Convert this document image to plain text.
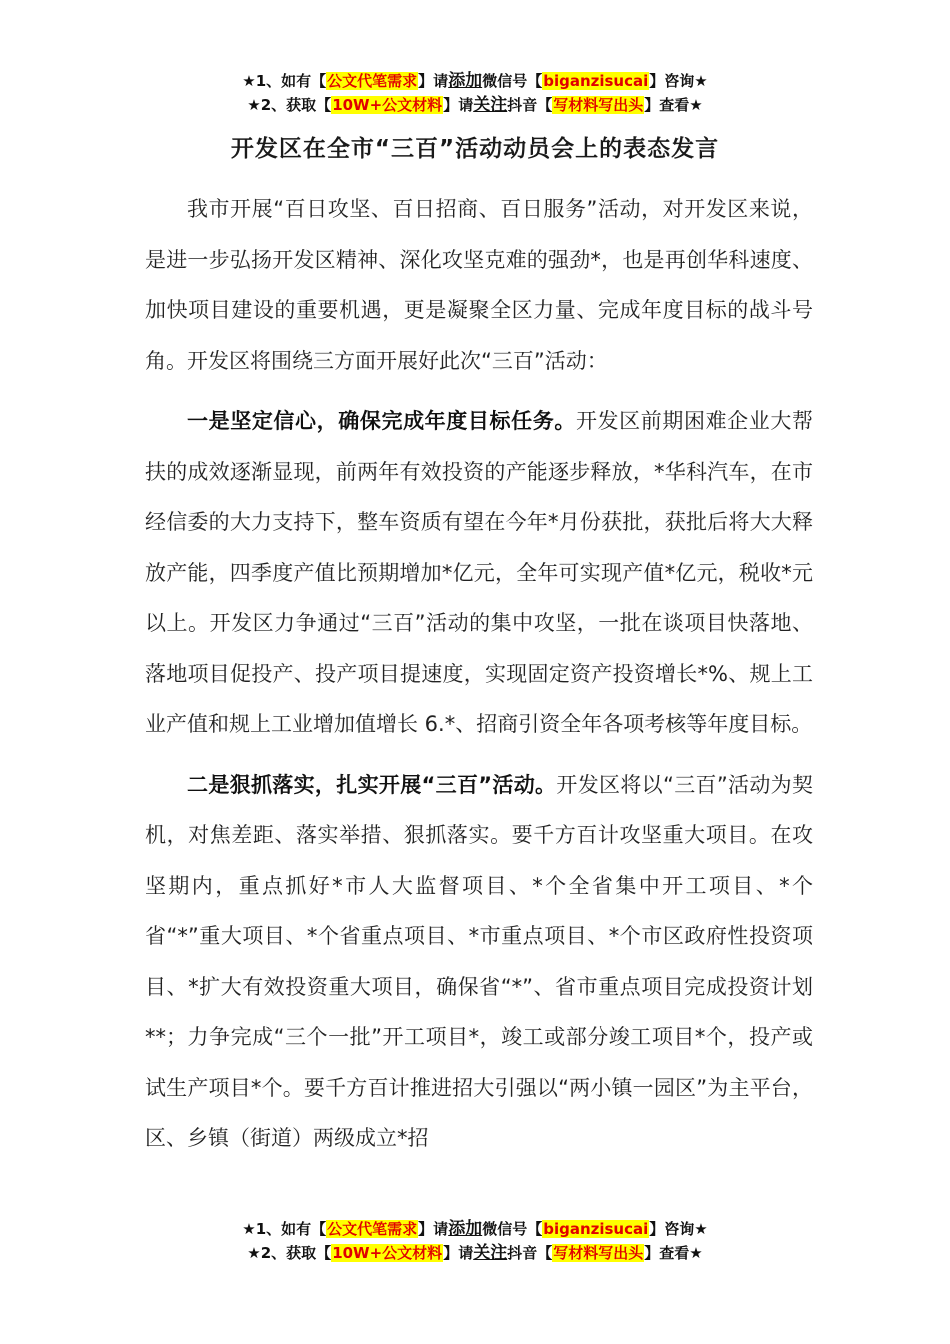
★1、如有【公文代笔需求】请添加微信号【biganzisucai】咨询★
★2、获取【10W+公文材料】请关注抖音【写材料写出头】查看★
开发区在全市“三百”活动动员会上的表态发言

我市开展“百日攻坚、百日招商、百日服务”活动，对开发区来说，是进一步弘扬开发区精神、深化攻坚克难的强劲*，也是再创华科速度、加快项目建设的重要机遇，更是凝聚全区力量、完成年度目标的战斗号角。开发区将围绕三方面开展好此次“三百”活动：

一是坚定信心，确保完成年度目标任务。开发区前期困难企业大帮扶的成效逐渐显现，前两年有效投资的产能逐步释放，*华科汽车，在市经信委的大力支持下，整车资质有望在今年*月份获批，获批后将大大释放产能，四季度产值比预期增加*亿元，全年可实现产值*亿元，税收*元以上。开发区力争通过“三百”活动的集中攻坚，一批在谈项目快落地、落地项目促投产、投产项目提速度，实现固定资产投资增长*%、规上工业产值和规上工业增加值增长 6.*、招商引资全年各项考核等年度目标。

二是狠抓落实，扎实开展“三百”活动。开发区将以“三百”活动为契机，对焦差距、落实举措、狠抓落实。要千方百计攻坚重大项目。在攻坚期内，重点抓好*市人大监督项目、*个全省集中开工项目、*个省“*”重大项目、*个省重点项目、*市重点项目、*个市区政府性投资项目、*扩大有效投资重大项目，确保省“*”、省市重点项目完成投资计划**；力争完成“三个一批”开工项目*，竣工或部分竣工项目*个，投产或试生产项目*个。要千方百计推进招大引强以“两小镇一园区”为主平台，区、乡镇（街道）两级成立*招

★1、如有【公文代笔需求】请添加微信号【biganzisucai】咨询★
★2、获取【10W+公文材料】请关注抖音【写材料写出头】查看★
